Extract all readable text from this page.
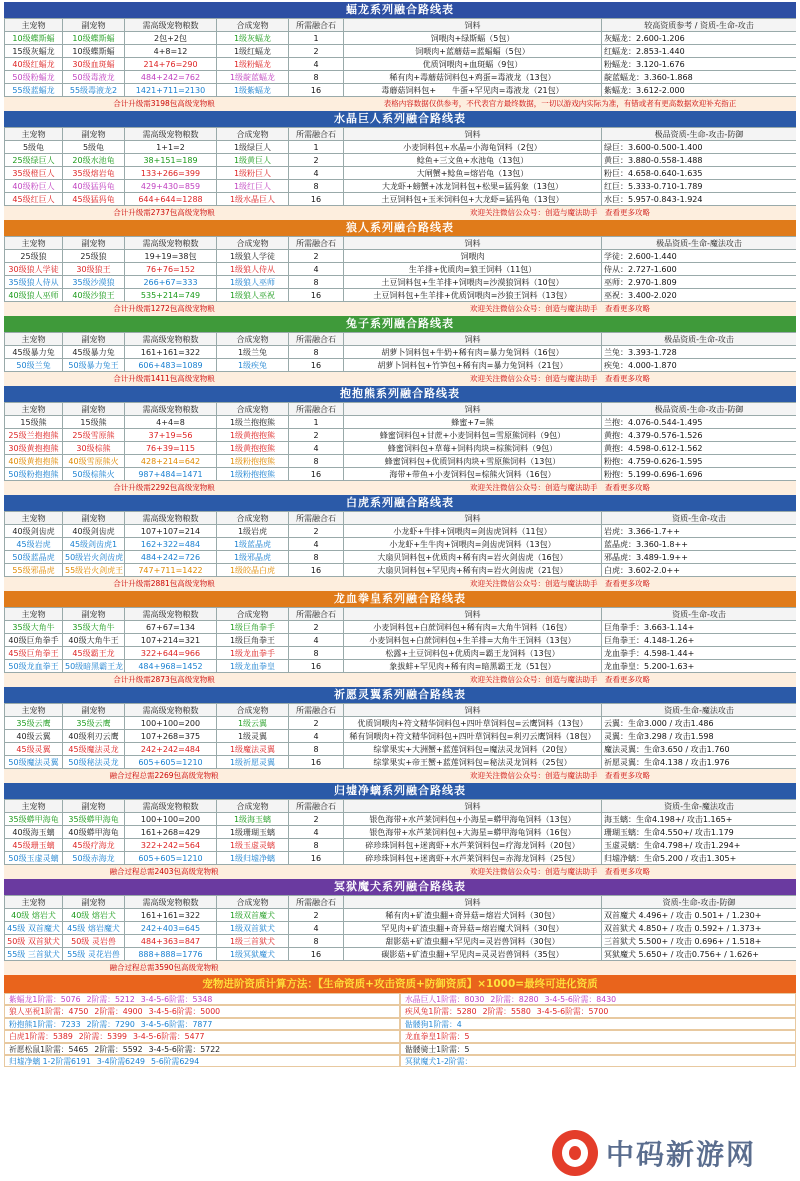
蝠龙系列融合路线表
主宠物	副宠物	需高级宠物粮数	合成宠物	所需融合石	饲料	较高资质参考 / 资质-生命-攻击
10级蝶斯蝠	10级蝶斯蝠	2包+2包	1级灰蝠龙	1	饲喂肉+绿斯蝠（5包）	灰蝠龙：2.600-1.206
15级灰蝠龙	10级蝶斯蝠	4+8=12	1级红蝠龙	2	饲喂肉+蓝蘑菇=蓝蝠蝠（5包）	红蝠龙：2.853-1.440
40级红蝠龙	30级血斑蝠	214+76=290	1级粉蝠龙	4	优质饲喂肉+血斑蝠（9包）	粉蝠龙：3.120-1.676
50级粉蝠龙	50级毒液龙	484+242=762	1级靛蓝蝠龙	8	稀有肉+毒蘑菇饲料包+鸡蛋=毒液龙（13包）	靛蓝蝠龙：3.360-1.868
55级蓝蝠龙	55级毒液龙2	1421+711=2130	1级紫蝠龙	16	毒蘑菇饲料包+　　牛蛋+罕见肉=毒液龙（21包）	紫蝠龙：3.612-2.000
合计升级需3198包高级宠物粮	表格内容数据仅供参考，不代表官方最终数据，一切以游戏内实际为准，有错或者有更高数据欢迎补充指正
水晶巨人系列融合路线表
主宠物	副宠物	需高级宠物粮数	合成宠物	所需融合石	饲料	极品资质-生命-攻击-防御
5级龟	5级龟	1+1=2	1级绿巨人	1	小麦饲料包+水晶=小海龟饲料（2包）	绿巨：3.600-0.500-1.400
25级绿巨人	20级水池龟	38+151=189	1级黄巨人	2	鲶鱼+三文鱼+水池龟（13包）	黄巨：3.880-0.558-1.488
35级橙巨人	35级熔岩龟	133+266=399	1级粉巨人	4	大闸蟹+鲶鱼=熔岩龟（13包）	粉巨：4.658-0.640-1.635
40级粉巨人	40级猛犸龟	429+430=859	1级红巨人	8	大龙虾+螃蟹+冰龙饲料包+松果=猛犸象（13包）	红巨：5.333-0.710-1.789
45级红巨人	45级猛犸龟	644+644=1288	1级水晶巨人	16	土豆饲料包+玉米饲料包+大龙虾=猛犸龟（13包）	水巨：5.957-0.843-1.924
合计升级需2737包高级宠物粮	欢迎关注微信公众号：创造与魔法助手　查看更多攻略
狼人系列融合路线表
主宠物	副宠物	需高级宠物粮数	合成宠物	所需融合石	饲料	极品资质-生命-魔法攻击
25级狼	25级狼	19+19=38包	1级狼人学徒	2	饲喂肉	学徒：2.600-1.440
30级狼人学徒	30级狼王	76+76=152	1级狼人侍从	4	生羊排+优质肉=狼王饲料（11包）	侍从：2.727-1.600
35级狼人侍从	35级沙漠狼	266+67=333	1级狼人巫师	8	土豆饲料包+生羊排+饲喂肉=沙漠狼饲料（10包）	巫师：2.970-1.809
40级狼人巫师	40级沙狼王	535+214=749	1级狼人巫祝	16	土豆饲料包+生羊排+优质饲喂肉=沙狼王饲料（13包）	巫祝：3.400-2.020
合计升级需1272包高级宠物粮	欢迎关注微信公众号：创造与魔法助手　查看更多攻略
兔子系列融合路线表
主宠物	副宠物	需高级宠物粮数	合成宠物	所需融合石	饲料	极品资质-生命-攻击
45级暴力兔	45级暴力兔	161+161=322	1级兰兔	8	胡萝卜饲料包+牛奶+稀有肉=暴力兔饲料（16包）	兰兔：3.393-1.728
50级兰兔	50级暴力兔王	606+483=1089	1级疾兔	16	胡萝卜饲料包+竹笋包+稀有肉=暴力兔饲料（21包）	疾兔：4.000-1.870
合计升级需1411包高级宠物粮	欢迎关注微信公众号：创造与魔法助手　查看更多攻略
抱抱熊系列融合路线表
主宠物	副宠物	需高级宠物粮数	合成宠物	所需融合石	饲料	极品资质-生命-攻击-防御
15级熊	15级熊	4+4=8	1级兰抱抱熊	1	蜂蜜+7=熊	兰抱：4.076-0.544-1.495
25级兰抱抱熊	25级雪原熊	37+19=56	1级黄抱抱熊	2	蜂蜜饲料包+甘蔗+小麦饲料包=雪原熊饲料（9包）	黄抱：4.379-0.576-1.526
30级黄抱抱熊	30级棕熊	76+39=115	1级黄抱抱熊	4	蜂蜜饲料包+草莓+饲料肉块=棕熊饲料（9包）	黄抱：4.598-0.612-1.562
40级黄抱抱熊	40级雪原熊火	428+214=642	1级粉抱抱熊	8	蜂蜜饲料包+优质饲料肉块+雪原熊饲料（13包）	粉抱：4.759-0.626-1.595
50级粉抱抱熊	50级棕熊火	987+484=1471	1级粉抱抱熊	16	海带+带鱼+小麦饲料包=棕熊火饲料（16包）	粉抱：5.199-0.696-1.696
合计升级需2292包高级宠物粮	欢迎关注微信公众号：创造与魔法助手　查看更多攻略
白虎系列融合路线表
主宠物	副宠物	需高级宠物粮数	合成宠物	所需融合石	饲料	资质-生命-攻击
40级剑齿虎	40级剑齿虎	107+107=214	1级岩虎	2	小龙虾+牛排+饲喂肉=剑齿虎饲料（11包）	岩虎：3.366-1.7++
45级岩虎	45级剑齿虎1	162+322=484	1级蓝晶虎	4	小龙虾+生牛肉+饲喂肉=剑齿虎饲料（13包）	蓝晶虎：3.360-1.8++
50级蓝晶虎	50级岩火剑齿虎	484+242=726	1级邪晶虎	8	大扇贝饲料包+优质肉+稀有肉=岩火剑齿虎（16包）	邪晶虎：3.489-1.9++
55级邪晶虎	55级岩火剑虎王	747+711=1422	1级皎晶白虎	16	大扇贝饲料包+罕见肉+稀有肉=岩火剑齿虎（21包）	白虎：3.602-2.0++
合计升级需2881包高级宠物粮	欢迎关注微信公众号：创造与魔法助手　查看更多攻略
龙血拳皇系列融合路线表
主宠物	副宠物	需高级宠物粮数	合成宠物	所需融合石	饲料	资质-生命-攻击
35级大角牛	35级大角牛	67+67=134	1级巨角拳手	2	小麦饲料包+白蔗饲料包+稀有肉=大角牛饲料（16包）	巨角拳手：3.663-1.14+
40级巨角拳手	40级大角牛王	107+214=321	1级巨角拳王	4	小麦饲料包+白蔗饲料包+生羊排=大角牛王饲料（13包）	巨角拳王：4.148-1.26+
45级巨角拳王	45级霸王龙	322+644=966	1级龙血拳手	8	松露+土豆饲料包+优质肉=霸王龙饲料（13包）	龙血拳手：4.598-1.44+
50级龙血拳王	50级暗黑霸王龙	484+968=1452	1级龙血拳皇	16	象拔蚌+罕见肉+稀有肉=暗黑霸王龙（51包）	龙血拳皇：5.200-1.63+
合计升级需2873包高级宠物粮	欢迎关注微信公众号：创造与魔法助手　查看更多攻略
祈愿灵翼系列融合路线表
主宠物	副宠物	需高级宠物粮数	合成宠物	所需融合石	饲料	资质-生命-魔法攻击
35级云鹰	35级云鹰	100+100=200	1级云翼	2	优质饲喂肉+符文精华饲料包+四叶草饲料包=云鹰饲料（13包）	云翼：生命3.000 / 攻击1.486
40级云翼	40级利刃云鹰	107+268=375	1级灵翼	4	稀有饲喂肉+符文精华饲料包+四叶草饲料包=利刃云鹰饲料（18包）	灵翼：生命3.298 / 攻击1.598
45级灵翼	45级魔法灵龙	242+242=484	1级魔法灵翼	8	综掌果实+大洲蟹+蓝莲饲料包=魔法灵龙饲料（20包）	魔法灵翼：生命3.650 / 攻击1.760
50级魔法灵翼	50级秘法灵龙	605+605=1210	1级祈愿灵翼	16	综掌果实+帝王蟹+蓝莲饲料包=秘法灵龙饲料（25包）	祈愿灵翼：生命4.138 / 攻击1.976
融合过程总需2269包高级宠物粮	欢迎关注微信公众号：创造与魔法助手　查看更多攻略
归墟净螭系列融合路线表
主宠物	副宠物	需高级宠物粮数	合成宠物	所需融合石	饲料	资质-生命-魔法攻击
35级蟒甲海龟	35级蟒甲海龟	100+100=200	1级海玉螭	2	银色海带+水芦莱饲料包+小海星=蟒甲海龟饲料（13包）	海玉螭：生命4.198+/ 攻击1.165+
40级海玉螭	40级蟒甲海龟	161+268=429	1级珊瑚玉螭	4	银色海带+水芦莱饲料包+大海星=蟒甲海龟饲料（16包）	珊瑚玉螭：生命4.550+/ 攻击1.179
45级珊玉螭	45级疗海龙	322+242=564	1级玉虚灵螭	8	碎珍珠饲料包+迷离虾+水芦莱饲料包=疗海龙饲料（20包）	玉虚灵螭：生命4.798+/ 攻击1.294+
50级玉虚灵螭	50级赤海龙	605+605=1210	1级归墟净螭	16	碎珍珠饲料包+迷离虾+水芦莱饲料包=赤海龙饲料（25包）	归墟净螭：生命5.200 / 攻击1.305+
融合过程总需2403包高级宠物粮	欢迎关注微信公众号：创造与魔法助手　查看更多攻略
冥狱魔犬系列融合路线表
主宠物	副宠物	需高级宠物粮数	合成宠物	所需融合石	饲料	资质-生命-攻击-防御
40级 熔岩犬	40级 熔岩犬	161+161=322	1级双首魔犬	2	稀有肉+矿渣虫翻+奇异菇=熔岩犬饲料（30包）	双首魔犬 4.496+ / 攻击 0.501+ / 1.230+
45级 双首魔犬	45级 熔岩魔犬	242+403=645	1级双首狱犬	4	罕见肉+矿渣虫翻+奇异菇=熔岩魔犬饲料（30包）	双首狱犬 4.850+ / 攻击 0.592+ / 1.373+
50级 双首狱犬	50级 灵岩兽	484+363=847	1级三首狱犬	8	甜影菇+矿渣虫翻+罕见肉=灵岩兽饲料（30包）	三首狱犬 5.500+ / 攻击 0.696+ / 1.518+
55级 三首狱犬	55级 灵花岩兽	888+888=1776	1级冥狱魔犬	16	碳影菇+矿渣虫翻+罕见肉=灵灵岩兽饲料（35包）	冥狱魔犬 5.650+ / 攻击0.756+ / 1.626+
融合过程总需3590包高级宠物粮
宠物进阶资质计算方法：【生命资质+攻击资质+防御资质】×1000=最终可进化资质
紫蝠龙1阶需：5076 2阶需：5212 3-4-5-6阶需：5348	水晶巨人1阶需：8030 2阶需：8280 3-4-5-6阶需：8430
狼人巫祝1阶需：4750 2阶需：4900 3-4-5-6阶需：5000	疾风兔1阶需：5280 2阶需：5580 3-4-5-6阶需：5700
粉抱熊1阶需：7233 2阶需：7290 3-4-5-6阶需：7877	骷髅狗1阶需：4
白虎1阶需：5389 2阶需：5399 3-4-5-6阶需：5477	龙血拳皇1阶需：5
祈愿松鼠1阶需：5465 2阶需：5592 3-4-5-6阶需：5722	骷髅骑士1阶需：5
归墟净螭 1-2阶需6191 3-4阶需6249 5-6阶需6294	冥狱魔犬1-2阶需：
中码新游网
